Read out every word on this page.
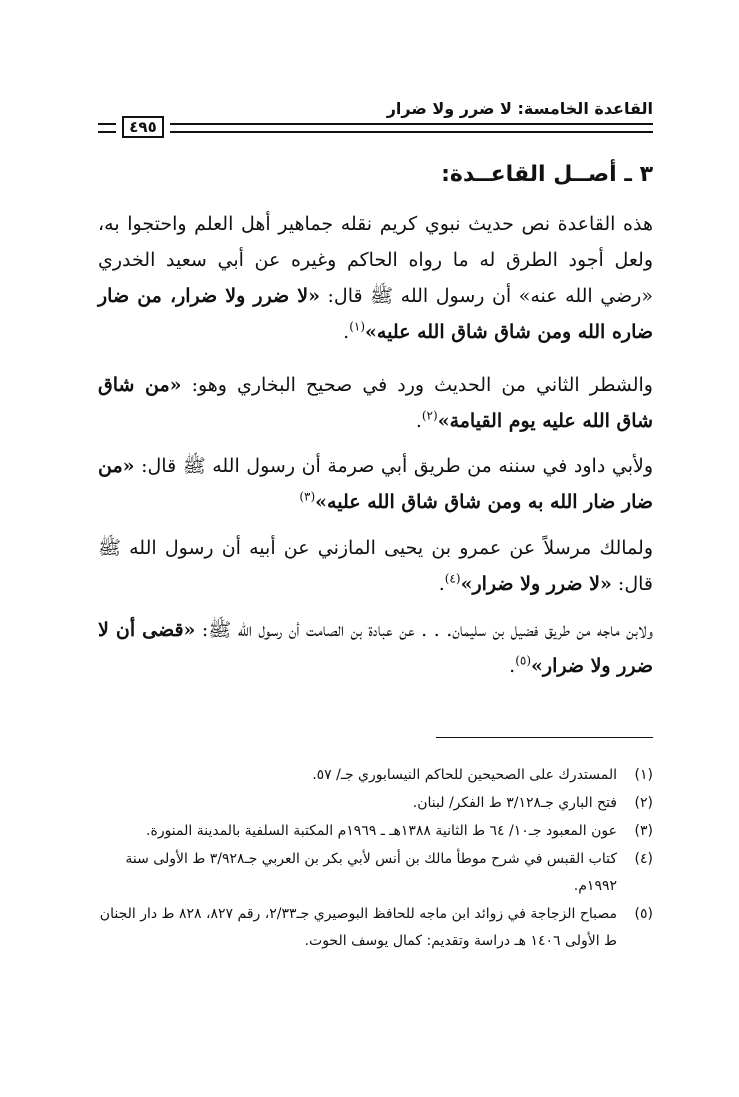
القاعدة الخامسة: لا ضرر ولا ضرار
٤٩٥
٣ ـ أصــل القاعــدة:

هذه القاعدة نص حديث نبوي كريم نقله جماهير أهل العلم واحتجوا به، ولعل أجود الطرق له ما رواه الحاكم وغيره عن أبي سعيد الخدري «رضي الله عنه» أن رسول الله ﷺ قال: «لا ضرر ولا ضرار، من ضار ضاره الله ومن شاق شاق الله عليه»$^{(١)}$.

والشطر الثاني من الحديث ورد في صحيح البخاري وهو: «من شاق شاق الله عليه يوم القيامة»$^{(٢)}$.

ولأبي داود في سننه من طريق أبي صرمة أن رسول الله ﷺ قال: «من ضار ضار الله به ومن شاق شاق الله عليه»$^{(٣)}$

ولمالك مرسلاً عن عمرو بن يحيى المازني عن أبيه أن رسول الله ﷺ قال: «لا ضرر ولا ضرار»$^{(٤)}$.

ولابن ماجه من طريق فضيل بن سليمان. . . عن عبادة بن الصامت أن رسول الله ﷺ: «قضى أن لا ضرر ولا ضرار»$^{(٥)}$.

(١)
المستدرك على الصحيحين للحاكم النيسابوري جـ/ ٥٧.
(٢)
فتح الباري جـ٣/١٢٨ ط الفكر/ لبنان.
(٣)
عون المعبود جـ١٠/ ٦٤ ط الثانية ١٣٨٨هـ ـ ١٩٦٩م المكتبة السلفية بالمدينة المنورة.
(٤)
كتاب القبس في شرح موطأ مالك بن أنس لأبي بكر بن العربي جـ٣/٩٢٨ ط الأولى سنة ١٩٩٢م.
(٥)
مصباح الزجاجة في زوائد ابن ماجه للحافظ البوصيري جـ٢/٣٣، رقم ٨٢٧، ٨٢٨ ط دار الجنان ط الأولى ١٤٠٦ هـ دراسة وتقديم: كمال يوسف الحوت.
